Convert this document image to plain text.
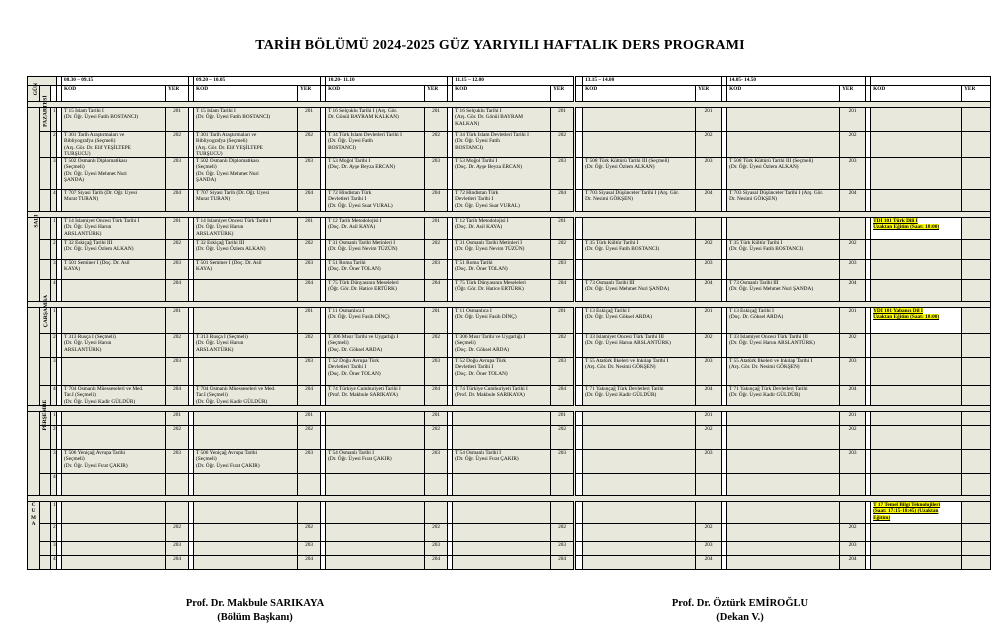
TARİH BÖLÜMÜ 2024-2025 GÜZ YARIYILI HAFTALIK DERS PROGRAMI
				08.30 – 09.15			09.20 – 10.05			10.20- 11.10			11.15 – 12.00			13.15 – 14.00			14.05- 14.50				
GÜN				KOD	YER		KOD	YER		KOD	YER		KOD	YER		KOD	YER		KOD	YER		KOD	YER

PAZARTESİ		1		T 15 İslam Tarihi I
(Dr. Öğr. Üyesi Fatih BOSTANCI)	201		T 15 İslam Tarihi I
(Dr. Öğr. Üyesi Fatih BOSTANCI)	201		T 16 Selçuklu Tarihi I (Arş. Gör.
Dr. Gönül BAYRAM KALKAN)	201		T 16 Selçuklu Tarihi I
(Arş. Gör. Dr. Gönül BAYRAM
KALKAN)	201			201			201			
		2		T 301 Tarih Araştırmaları ve
Bibliyografya (Seçmeli)
(Arş. Gör. Dr. Elif YEŞİLTEPE
TURŞUCU)	202		T 301 Tarih Araştırmaları ve
Bibliyografya (Seçmeli)
(Arş. Gör. Dr. Elif YEŞİLTEPE
TURŞUCU)	202		T 34 Türk İslam Devletleri Tarihi I
(Dr. Öğr. Üyesi Fatih
BOSTANCI)	202		T 34 Türk İslam Devletleri Tarihi I
(Dr. Öğr. Üyesi Fatih
BOSTANCI)	202			202			202			
		3		T 502 Osmanlı Diplomatikası
(Seçmeli)
(Dr. Öğr. Üyesi Mehmet Nuri
ŞANDA)	203		T 502 Osmanlı Diplomatikası
(Seçmeli)
(Dr. Öğr. Üyesi Mehmet Nuri
ŞANDA)	203		T 53 Moğol Tarihi I
(Doç. Dr. Ayşe Beyza ERCAN)	203		T 53 Moğol Tarihi I
(Doç. Dr. Ayşe Beyza ERCAN)	203		T 508 Türk Kültürü Tarihi III (Seçmeli)
(Dr. Öğr. Üyesi Özlem ALKAN)	203		T 508 Türk Kültürü Tarihi III (Seçmeli)
(Dr. Öğr. Üyesi Özlem ALKAN)	203			
		4		T 707 Siyasi Tarih (Dr. Öğr. Üyesi
Murat TURAN)	204		T 707 Siyasi Tarih (Dr. Öğr. Üyesi
Murat TURAN)	204		T 72 Hindistan Türk
Devletleri Tarihi I
(Dr. Öğr. Üyesi Suat VURAL)	204		T 72 Hindistan Türk
Devletleri Tarihi I
(Dr. Öğr. Üyesi Suat VURAL)	204		T 703 Siyasal Düşünceler Tarihi I (Arş. Gör.
Dr. Nesimi GÖKŞEN)	204		T 703 Siyasal Düşünceler Tarihi I (Arş. Gör.
Dr. Nesimi GÖKŞEN)	204			

SALI		1		T 14 İslamiyet Öncesi Türk Tarihi I
(Dr. Öğr. Üyesi Harun
ARSLANTÜRK)	201		T 14 İslamiyet Öncesi Türk Tarihi I
(Dr. Öğr. Üyesi Harun
ARSLANTÜRK)	201		T 12 Tarih Metodolojisi I
(Doç. Dr. Asil KAYA)	201		T 12 Tarih Metodolojisi I
(Doç. Dr. Asil KAYA)	201								TDİ 101 Türk Dili I
Uzaktan Eğitim (Saat: 18:00)	
		2		T 32 Eskiçağ Tarihi III
(Dr. Öğr. Üyesi Özlem ALKAN)	202		T 32 Eskiçağ Tarihi III
(Dr. Öğr. Üyesi Özlem ALKAN)	202		T 31 Osmanlı Tarihi Metinleri I
(Dr. Öğr. Üyesi Nevim TÜZÜN)	202		T 31 Osmanlı Tarihi Metinleri I
(Dr. Öğr. Üyesi Nevim TÜZÜN)	202		T 35 Türk Kültür Tarihi I
(Dr. Öğr. Üyesi Fatih BOSTANCI)	202		T 35 Türk Kültür Tarihi I
(Dr. Öğr. Üyesi Fatih BOSTANCI)	202			
		3		T 501 Seminer I (Doç. Dr. Asil
KAYA)	203		T 501 Seminer I (Doç. Dr. Asil
KAYA)	203		T 51 Roma Tarihi
(Doç. Dr. Öner TOLAN)	203		T 51 Roma Tarihi
(Doç. Dr. Öner TOLAN)	203			203			203			
		4			204			204		T 75 Türk Dünyasının Meseleleri
(Öğr. Gör. Dr. Hatice ERTÜRK)	204		T 75 Türk Dünyasının Meseleleri
(Öğr. Gör. Dr. Hatice ERTÜRK)	204		T 73 Osmanlı Tarihi III
(Dr. Öğr. Üyesi Mehmet Nuri ŞANDA)	204		T 73 Osmanlı Tarihi III
(Dr. Öğr. Üyesi Mehmet Nuri ŞANDA)	204			

ÇARŞAMBA		1			201			201		T 11 Osmanlıca I
(Dr. Öğr. Üyesi Fasih DİNÇ)	201		T 11 Osmanlıca I
(Dr. Öğr. Üyesi Fasih DİNÇ)	201		T 13 Eskiçağ Tarihi I
(Dr. Öğr. Üyesi Göksel ARDA)	201		T 13 Eskiçağ Tarihi I
(Doç. Dr. Göksel ARDA)	201		YDİ 101 Yabancı Dil I
Uzaktan Eğitim (Saat: 18:00)	
		2		T 313 Rusça I (Seçmeli)
(Dr. Öğr. Üyesi Harun
ARSLANTÜRK)	202		T 313 Rusça I (Seçmeli)
(Dr. Öğr. Üyesi Harun
ARSLANTÜRK)	202		T 306 Mısır Tarihi ve Uygarlığı I
(Seçmeli)
(Doç. Dr. Göksel ARDA)	202		T 306 Mısır Tarihi ve Uygarlığı I
(Seçmeli)
(Doç. Dr. Göksel ARDA)	202		T 33 İslamiyet Öncesi Türk Tarihi III
(Dr. Öğr. Üyesi Harun ARSLANTÜRK)	202		T 33 İslamiyet Öncesi Türk Tarihi III
(Dr. Öğr. Üyesi Harun ARSLANTÜRK)	202			
		3			203			203		T 52 Doğu Avrupa Türk
Devletleri Tarihi I
(Doç. Dr. Öner TOLAN)	203		T 52 Doğu Avrupa Türk
Devletleri Tarihi I
(Doç. Dr. Öner TOLAN)	203		T 55 Atatürk İlkeleri ve İnkılap Tarihi I
(Arş. Gör. Dr. Nesimi GÖKŞEN)	203		T 55 Atatürk İlkeleri ve İnkılap Tarihi I
(Arş. Gör. Dr. Nesimi GÖKŞEN)	203			
		4		T 704 Osmanlı Müesseseleri ve Med.
Tar.I (Seçmeli)
(Dr. Öğr. Üyesi Kadir GÜLDÜR)	204		T 704 Osmanlı Müesseseleri ve Med.
Tar.I (Seçmeli)
(Dr. Öğr. Üyesi Kadir GÜLDÜR)	204		T 74 Türkiye Cumhuriyeti Tarihi I
(Prof. Dr. Makbule SARIKAYA)	204		T 74 Türkiye Cumhuriyeti Tarihi I
(Prof. Dr. Makbule SARIKAYA)	204		T 71 Yakınçağ Türk Devletleri Tarihi
(Dr. Öğr. Üyesi Kadir GÜLDÜR)	204		T 71 Yakınçağ Türk Devletleri Tarihi
(Dr. Öğr. Üyesi Kadir GÜLDÜR)	204			

PERŞEMBE		1			201			201			201			201			201			201			
		2			202			202			202			202			202			202			
		3		T 506 Yeniçağ Avrupa Tarihi
(Seçmeli)
(Dr. Öğr. Üyesi Fırat ÇAKIR)	203		T 506 Yeniçağ Avrupa Tarihi
(Seçmeli)
(Dr. Öğr. Üyesi Fırat ÇAKIR)	203		T 54 Osmanlı Tarihi I
(Dr. Öğr. Üyesi Fırat ÇAKIR)	203		T 54 Osmanlı Tarihi I
(Dr. Öğr. Üyesi Fırat ÇAKIR)	203			203			203			
		4																					

CUMA		1																				T 17 Temel Bilgi Teknolojileri
(Saat: 17:15-18:45) (Uzaktan
Eğitim)	
		2			202			202			202			202			202			202			
		3			203			203			203			203			203			203			
		4			204			204			204			204			204			204			
Prof. Dr. Makbule SARIKAYA
(Bölüm Başkanı)
Prof. Dr. Öztürk EMİROĞLU
(Dekan V.)
